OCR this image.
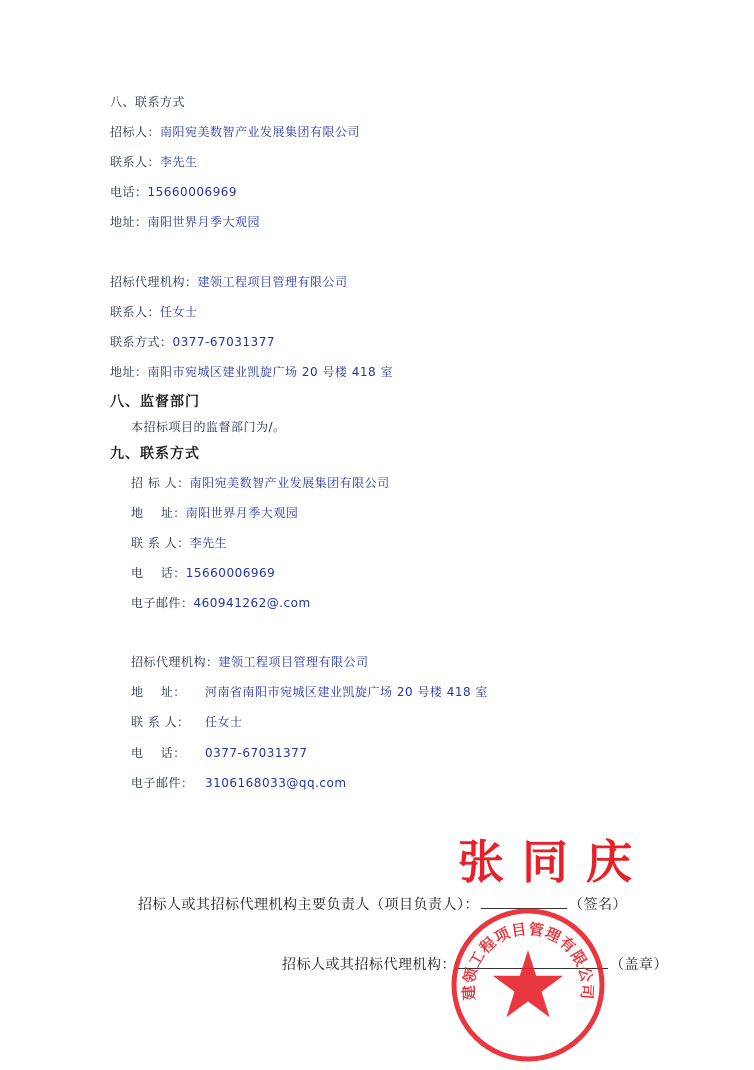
八、联系方式
招标人：南阳宛美数智产业发展集团有限公司
联系人：李先生
电话：15660006969
地址：南阳世界月季大观园
招标代理机构：建领工程项目管理有限公司
联系人：任女士
联系方式：0377-67031377
地址：南阳市宛城区建业凯旋广场 20 号楼 418 室
八、监督部门
本招标项目的监督部门为/。
九、联系方式
招 标 人：南阳宛美数智产业发展集团有限公司
地    址：南阳世界月季大观园
联 系 人：李先生
电    话：15660006969
电子邮件：460941262@.com
招标代理机构：建领工程项目管理有限公司
地    址： 河南省南阳市宛城区建业凯旋广场 20 号楼 418 室
联 系 人： 任女士
电    话： 0377-67031377
电子邮件： 3106168033@qq.com
张同庆
招标人或其招标代理机构主要负责人（项目负责人）：	（签名）
招标人或其招标代理机构：	（盖章）
建领工程项目管理有限公司
